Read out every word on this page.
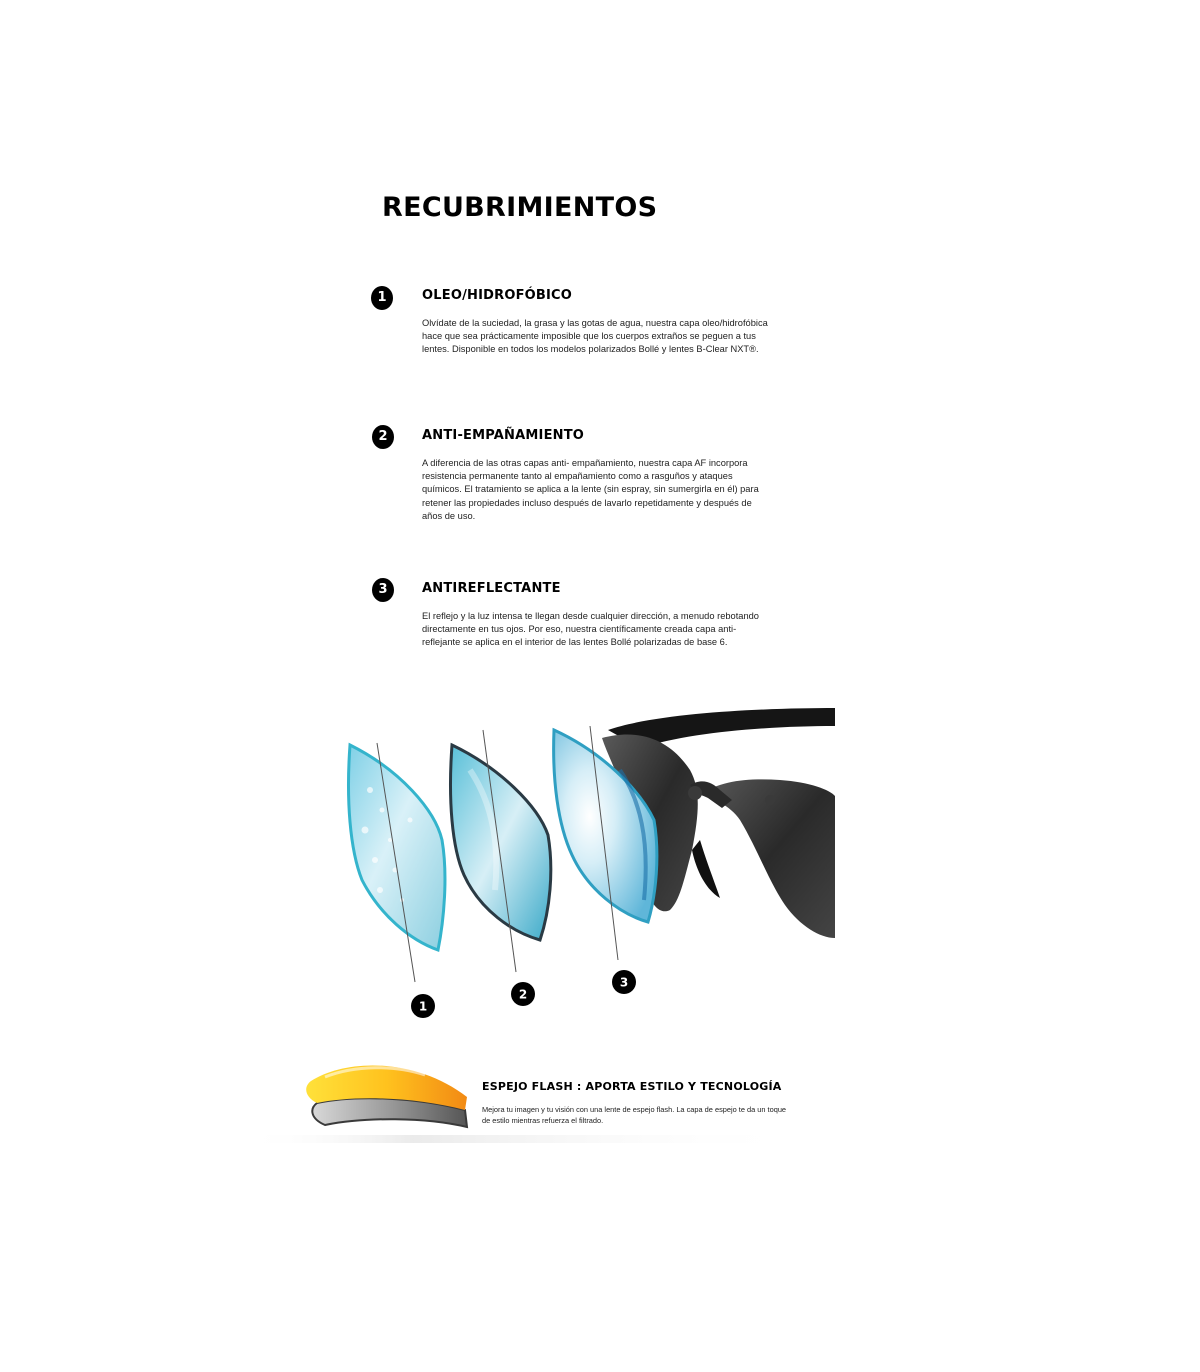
RECUBRIMIENTOS
1	OLEO/HIDROFÓBICO

Olvídate de la suciedad, la grasa y las gotas de agua, nuestra capa oleo/hidrofóbica hace que sea prácticamente imposible que los cuerpos extraños se peguen a tus lentes. Disponible en todos los modelos polarizados Bollé y lentes B-Clear NXT®.

2	ANTI-EMPAÑAMIENTO

A diferencia de las otras capas anti- empañamiento, nuestra capa AF incorpora resistencia permanente tanto al empañamiento como a rasguños y ataques químicos. El tratamiento se aplica a la lente (sin espray, sin sumergirla en él) para retener las propiedades incluso después de lavarlo repetidamente y después de años de uso.

3	ANTIREFLECTANTE

El reflejo y la luz intensa te llegan desde cualquier dirección, a menudo rebotando directamente en tus ojos. Por eso, nuestra científicamente creada capa anti-reflejante se aplica en el interior de las lentes Bollé polarizadas de base 6.

1
2
3
ESPEJO FLASH : APORTA ESTILO Y TECNOLOGÍA

Mejora tu imagen y tu visión con una lente de espejo flash. La capa de espejo te da un toque de estilo mientras refuerza el filtrado.
